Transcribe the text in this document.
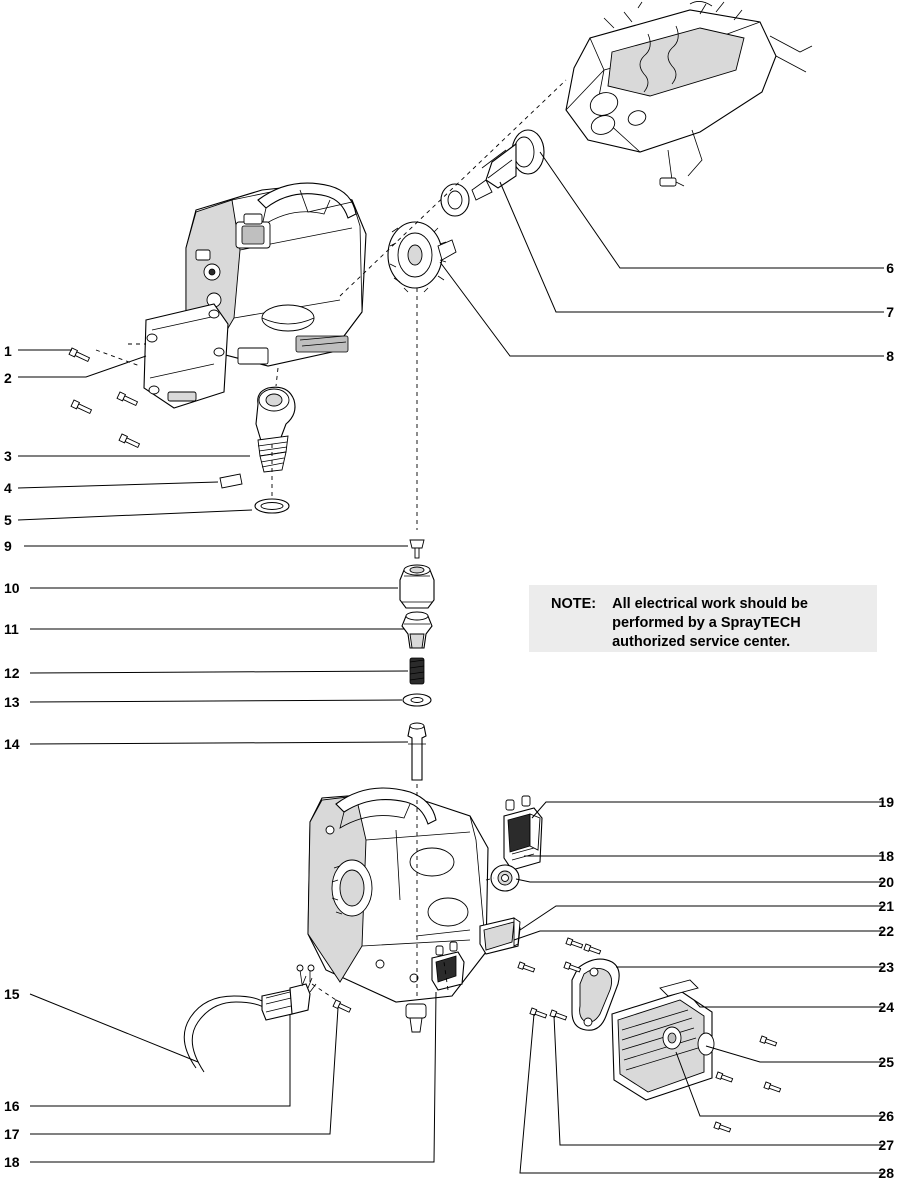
NOTE: All electrical work should be performed by a SprayTECH authorized service center.
1
2
3
4
5
9
10
11
12
13
14
15
16
17
18
6
7
8
19
18
20
21
22
23
24
25
26
27
28
